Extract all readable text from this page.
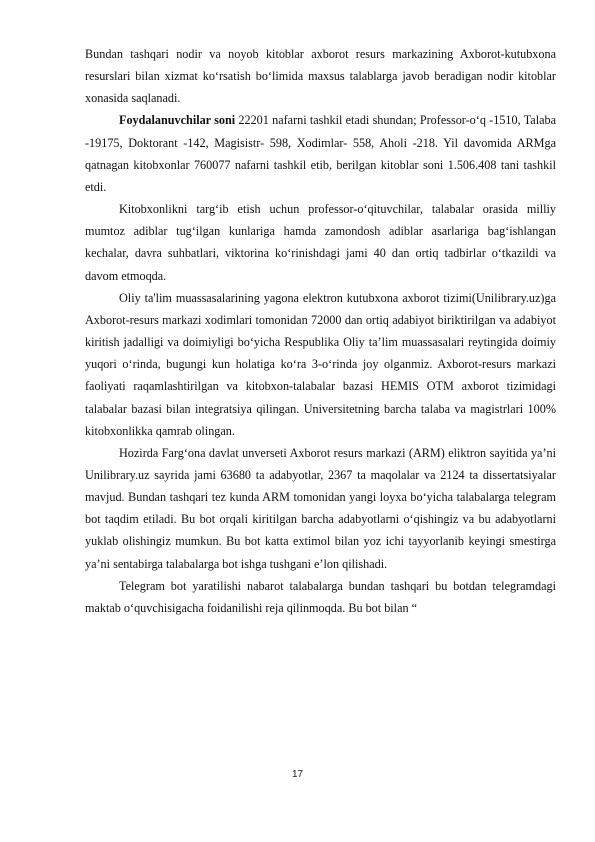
Bundan tashqari nodir va noyob kitoblar axborot resurs markazining Axborot-kutubxona resurslari bilan xizmat ko‘rsatish bo‘limida maxsus talablarga javob beradigan nodir kitoblar xonasida saqlanadi.

Foydalanuvchilar soni 22201 nafarni tashkil etadi shundan; Professor-o‘q -1510, Talaba -19175, Doktorant -142, Magisistr- 598, Xodimlar- 558, Aholi -218. Yil davomida ARMga qatnagan kitobxonlar 760077 nafarni tashkil etib, berilgan kitoblar soni 1.506.408 tani tashkil etdi.

Kitobxonlikni targ‘ib etish uchun professor-o‘qituvchilar, talabalar orasida milliy mumtoz adiblar tug‘ilgan kunlariga hamda zamondosh adiblar asarlariga bag‘ishlangan kechalar, davra suhbatlari, viktorina ko‘rinishdagi jami 40 dan ortiq tadbirlar o‘tkazildi va davom etmoqda.

Oliy ta'lim muassasalarining yagona elektron kutubxona axborot tizimi(Unilibrary.uz)ga Axborot-resurs markazi xodimlari tomonidan 72000 dan ortiq adabiyot biriktirilgan va adabiyot kiritish jadalligi va doimiyligi bo‘yicha Respublika Oliy ta’lim muassasalari reytingida doimiy yuqori o‘rinda, bugungi kun holatiga ko‘ra 3-o‘rinda joy olganmiz. Axborot-resurs markazi faoliyati raqamlashtirilgan va kitobxon-talabalar bazasi HEMIS OTM axborot tizimidagi talabalar bazasi bilan integratsiya qilingan. Universitetning barcha talaba va magistrlari 100% kitobxonlikka qamrab olingan.

Hozirda Farg‘ona davlat unverseti Axborot resurs markazi (ARM) eliktron sayitida ya’ni Unilibrary.uz sayrida jami 63680 ta adabyotlar, 2367 ta maqolalar va 2124 ta dissertatsiyalar mavjud. Bundan tashqari tez kunda ARM tomonidan yangi loyxa bo‘yicha talabalarga telegram bot taqdim etiladi. Bu bot orqali kiritilgan barcha adabyotlarni o‘qishingiz va bu adabyotlarni yuklab olishingiz mumkun. Bu bot katta extimol bilan yoz ichi tayyorlanib keyingi smestirga ya’ni sentabirga talabalarga bot ishga tushgani e’lon qilishadi.

Telegram bot yaratilishi nabarot talabalarga bundan tashqari bu botdan telegramdagi maktab o‘quvchisigacha foidanilishi reja qilinmoqda. Bu bot bilan “

17
